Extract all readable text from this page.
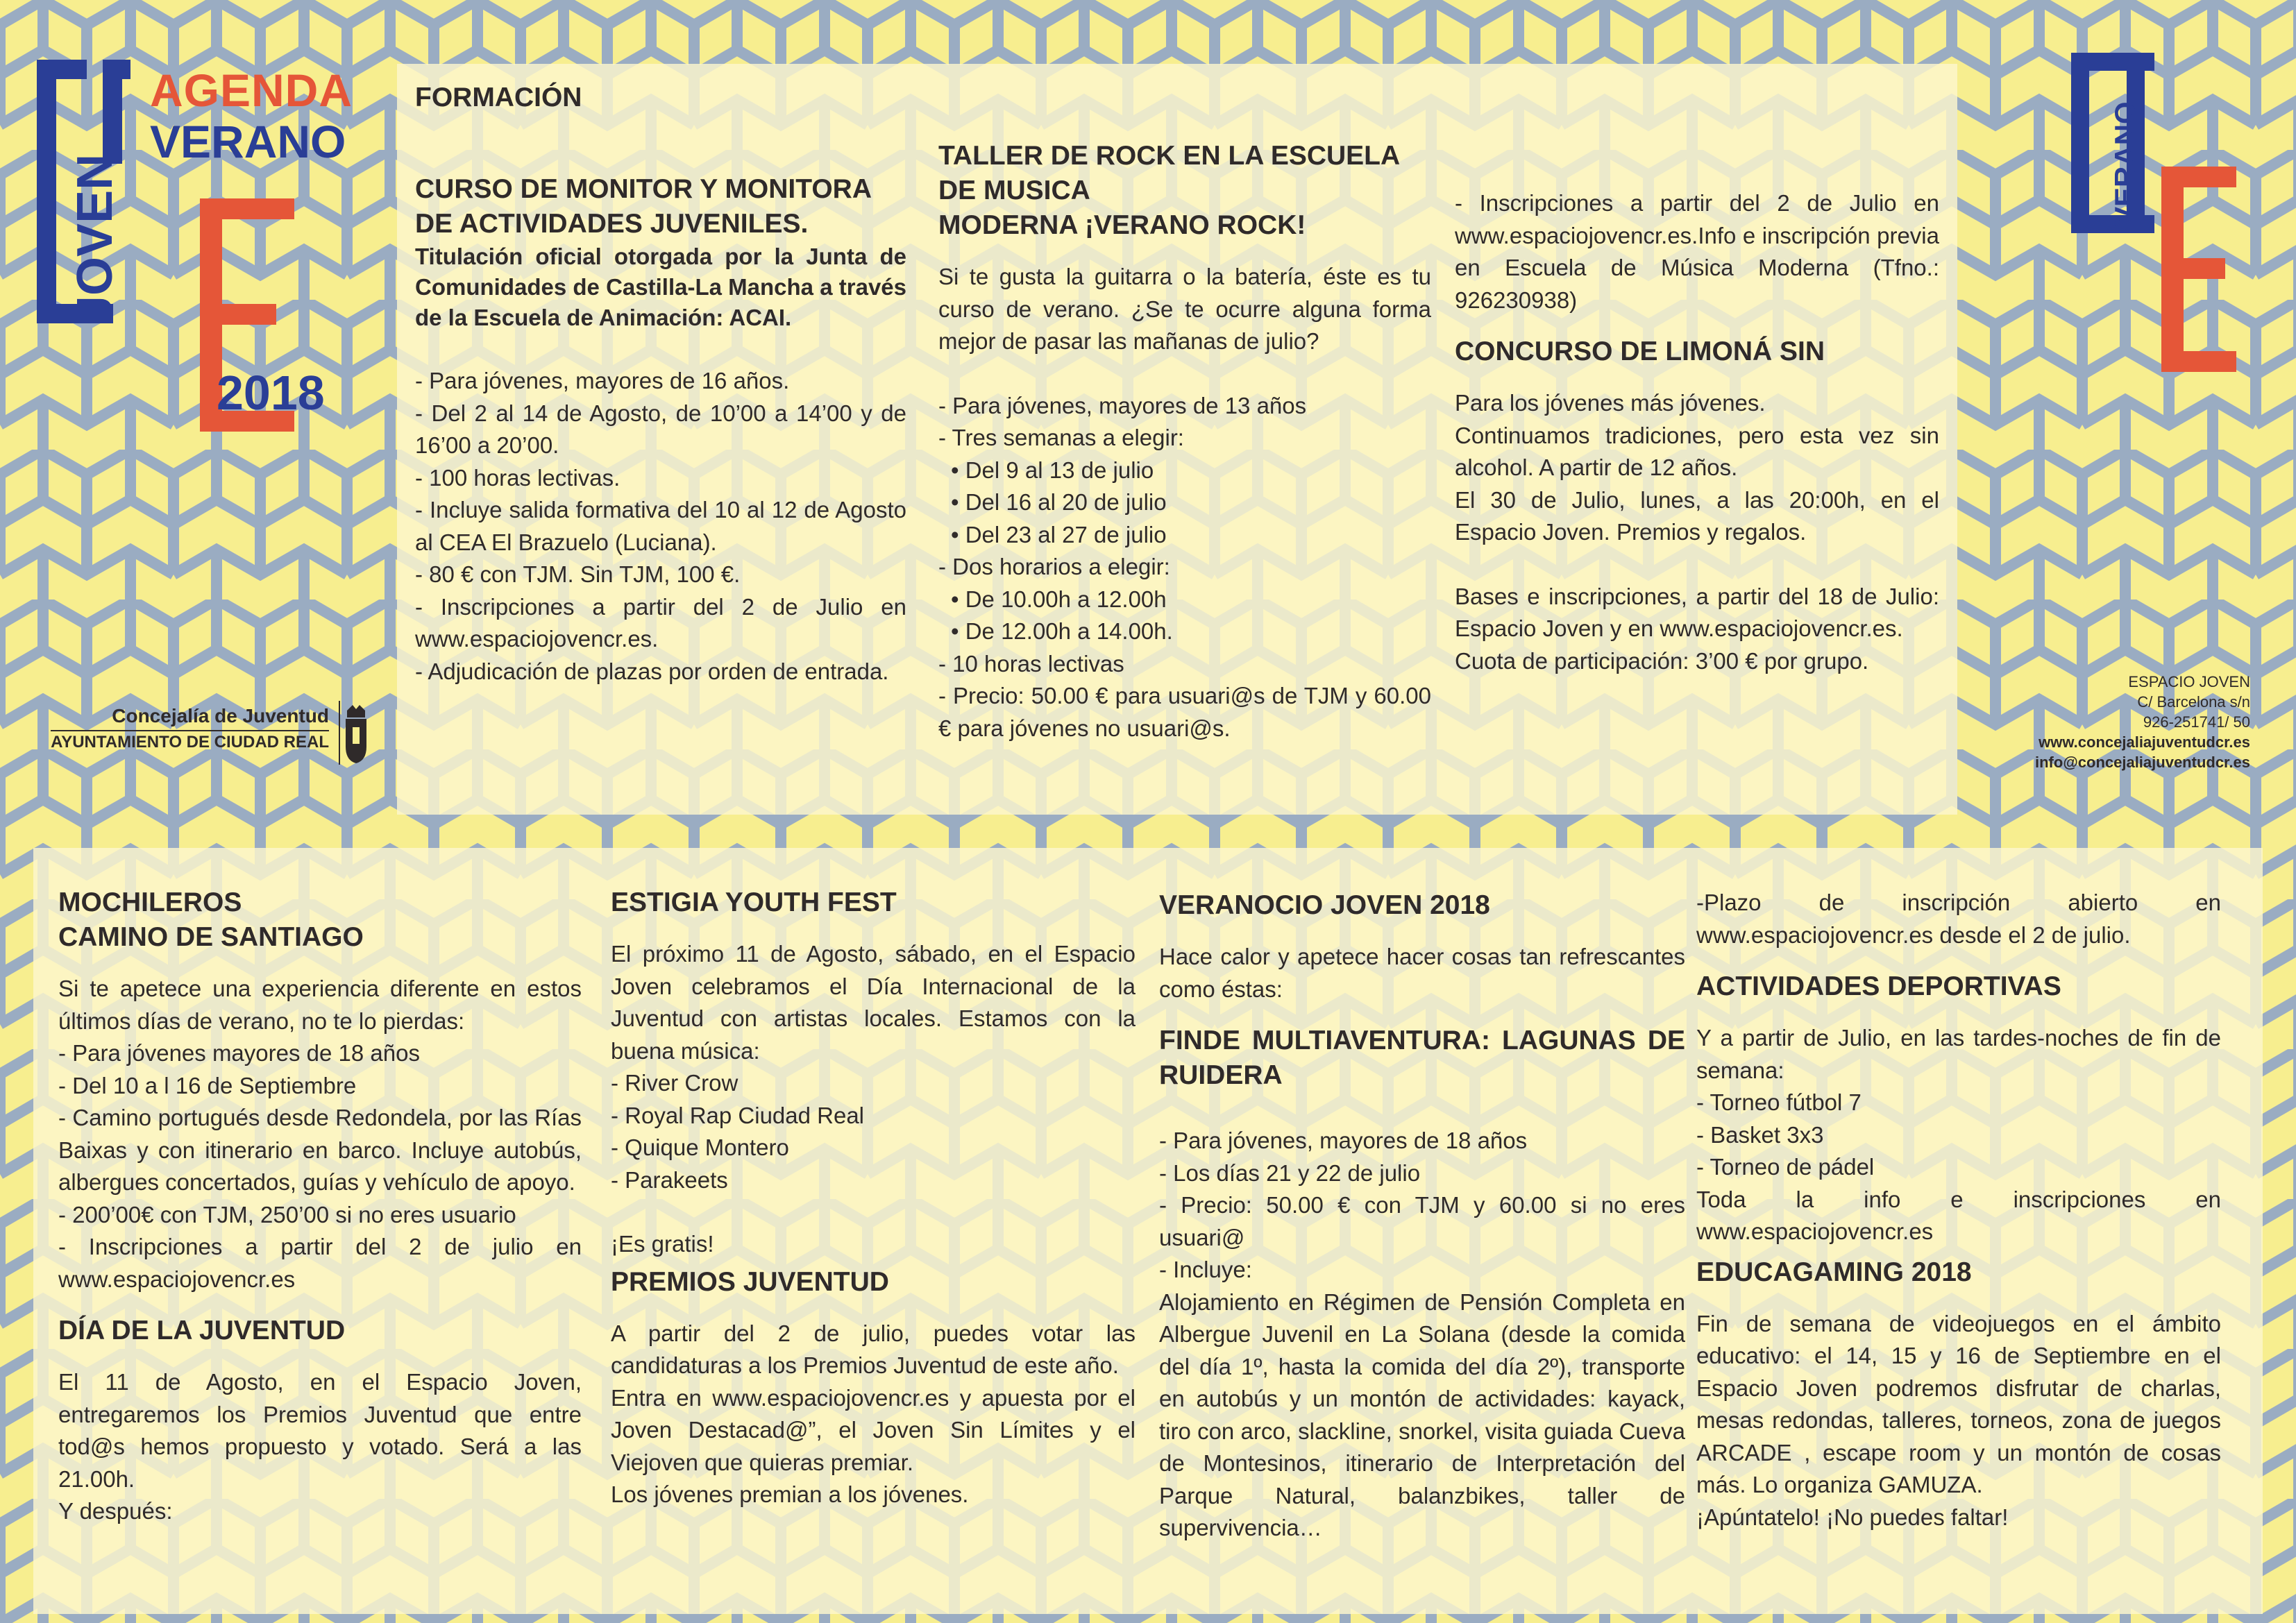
AGENDA
VERANO
JOVEN
2018
Concejalía de Juventud
AYUNTAMIENTO DE CIUDAD REAL
VERANO
ESPACIO JOVEN
C/ Barcelona s/n
926-251741/ 50
www.concejaliajuventudcr.es
info@concejaliajuventudcr.es
FORMACIÓN
CURSO DE MONITOR Y MONITORA
DE ACTIVIDADES JUVENILES.

Titulación oficial otorgada por la Junta de Comunidades de Castilla-La Mancha a través de la Escuela de Animación: ACAI.

- Para jóvenes, mayores de 16 años.

- Del 2 al 14 de Agosto, de 10’00 a 14’00 y de 16’00 a 20’00.

- 100 horas lectivas.

- Incluye salida formativa del 10 al 12 de Agosto al CEA El Brazuelo (Luciana).

- 80 € con TJM. Sin TJM, 100 €.

- Inscripciones a partir del 2 de Julio en www.espaciojovencr.es.

- Adjudicación de plazas por orden de entrada.

TALLER DE ROCK EN LA ESCUELA
DE MUSICA
MODERNA ¡VERANO ROCK!

Si te gusta la guitarra o la batería, éste es tu curso de verano. ¿Se te ocurre alguna forma mejor de pasar las mañanas de julio?

- Para jóvenes, mayores de 13 años

- Tres semanas a elegir:

• Del 9 al 13 de julio

• Del 16 al 20 de julio

• Del 23 al 27 de julio

- Dos horarios a elegir:

• De 10.00h a 12.00h

• De 12.00h a 14.00h.

- 10 horas lectivas

- Precio: 50.00 € para usuari@s de TJM y 60.00 € para jóvenes no usuari@s.

- Inscripciones a partir del 2 de Julio en www.espaciojovencr.es.Info e inscripción previa en Escuela de Música Moderna (Tfno.: 926230938)

CONCURSO DE LIMONÁ SIN

Para los jóvenes más jóvenes.

Continuamos tradiciones, pero esta vez sin alcohol. A partir de 12 años.

El 30 de Julio, lunes, a las 20:00h, en el Espacio Joven. Premios y regalos.

Bases e inscripciones, a partir del 18 de Julio: Espacio Joven y en www.espaciojovencr.es.

Cuota de participación: 3’00 € por grupo.

MOCHILEROS
CAMINO DE SANTIAGO

Si te apetece una experiencia diferente en estos últimos días de verano, no te lo pierdas:

- Para jóvenes mayores de 18 años

- Del 10 a l 16 de Septiembre

- Camino portugués desde Redondela, por las Rías Baixas y con itinerario en barco. Incluye autobús, albergues concertados, guías y vehículo de apoyo.

- 200’00€ con TJM, 250’00 si no eres usuario

- Inscripciones a partir del 2 de julio en www.espaciojovencr.es

DÍA DE LA JUVENTUD

El 11 de Agosto, en el Espacio Joven, entregaremos los Premios Juventud que entre tod@s hemos propuesto y votado. Será a las 21.00h.

Y después:

ESTIGIA YOUTH FEST

El próximo 11 de Agosto, sábado, en el Espacio Joven celebramos el Día Internacional de la Juventud con artistas locales. Estamos con la buena música:

- River Crow

- Royal Rap Ciudad Real

- Quique Montero

- Parakeets

¡Es gratis!

PREMIOS JUVENTUD

A partir del 2 de julio, puedes votar las candidaturas a los Premios Juventud de este año.

Entra en www.espaciojovencr.es y apuesta por el Joven Destacad@”, el Joven Sin Límites y el Viejoven que quieras premiar.

Los jóvenes premian a los jóvenes.

VERANOCIO JOVEN 2018

Hace calor y apetece hacer cosas tan refrescantes como éstas:

FINDE MULTIAVENTURA: LAGUNAS DE RUIDERA

- Para jóvenes, mayores de 18 años

- Los días 21 y 22 de julio

- Precio: 50.00 € con TJM y 60.00 si no eres usuari@

- Incluye:

Alojamiento en Régimen de Pensión Completa en Albergue Juvenil en La Solana (desde la comida del día 1º, hasta la comida del día 2º), transporte en autobús y un montón de actividades: kayack, tiro con arco, slackline, snorkel, visita guiada Cueva de Montesinos, itinerario de Interpretación del Parque Natural, balanzbikes, taller de supervivencia…

-Plazo de inscripción abierto en www.espaciojovencr.es desde el 2 de julio.

ACTIVIDADES DEPORTIVAS

Y a partir de Julio, en las tardes-noches de fin de semana:

- Torneo fútbol 7

- Basket 3x3

- Torneo de pádel

Toda la info e inscripciones en www.espaciojovencr.es

EDUCAGAMING 2018

Fin de semana de videojuegos en el ámbito educativo: el 14, 15 y 16 de Septiembre en el Espacio Joven podremos disfrutar de charlas, mesas redondas, talleres, torneos, zona de juegos ARCADE , escape room y un montón de cosas más. Lo organiza GAMUZA.

¡Apúntatelo! ¡No puedes faltar!
